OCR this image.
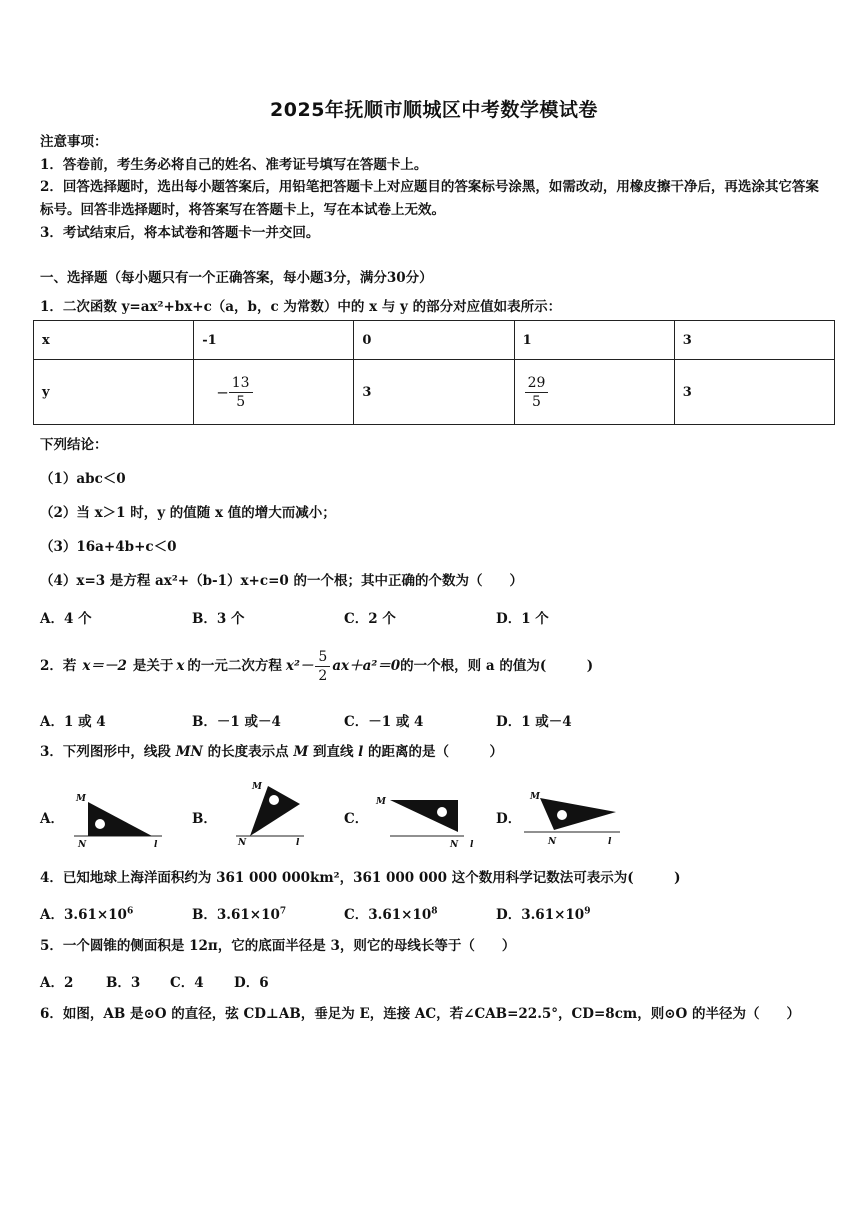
2025年抚顺市顺城区中考数学模试卷
注意事项：
1．答卷前，考生务必将自己的姓名、准考证号填写在答题卡上。
2．回答选择题时，选出每小题答案后，用铅笔把答题卡上对应题目的答案标号涂黑，如需改动，用橡皮擦干净后，再选涂其它答案标号。回答非选择题时，将答案写在答题卡上，写在本试卷上无效。
3．考试结束后，将本试卷和答题卡一并交回。
一、选择题（每小题只有一个正确答案，每小题3分，满分30分）
1．二次函数 y=ax²+bx+c（a，b，c 为常数）中的 x 与 y 的部分对应值如表所示：
x	-1	0	1	3
y	− $\frac{13}{5}$	3	$\frac{29}{5}$	3
下列结论：
（1）abc＜0
（2）当 x＞1 时，y 的值随 x 值的增大而减小；
（3）16a+4b+c＜0
（4）x=3 是方程 ax²+（b-1）x+c=0 的一个根；其中正确的个数为（　　）
A．4 个	B．3 个	C．2 个	D．1 个
2．若 x＝－2 是关于 x 的一元二次方程 $x^2- \frac{5}{2} ax+a^2=0$ 的一个根，则 a 的值为(　　　)
A．1 或 4	B．－1 或－4	C．－1 或 4	D．1 或－4
3．下列图形中，线段 MN 的长度表示点 M 到直线 l 的距离的是（　　　）
A．	B．	C．	D．
M
N	l
M
N	l
M
N l
M
N	l
4．已知地球上海洋面积约为 361 000 000km²，361 000 000 这个数用科学记数法可表示为(　　　)
A．$3.61\times 10^6$	B．$3.61\times 10^7$	C．$3.61\times 10^8$	D．$3.61\times 10^9$
5．一个圆锥的侧面积是 12π，它的底面半径是 3，则它的母线长等于（　　）
A．2 B．3 C．4 D．6
6．如图，AB 是⊙O 的直径，弦 CD⊥AB，垂足为 E，连接 AC，若∠CAB=22.5°，CD=8cm，则⊙O 的半径为（　　）
